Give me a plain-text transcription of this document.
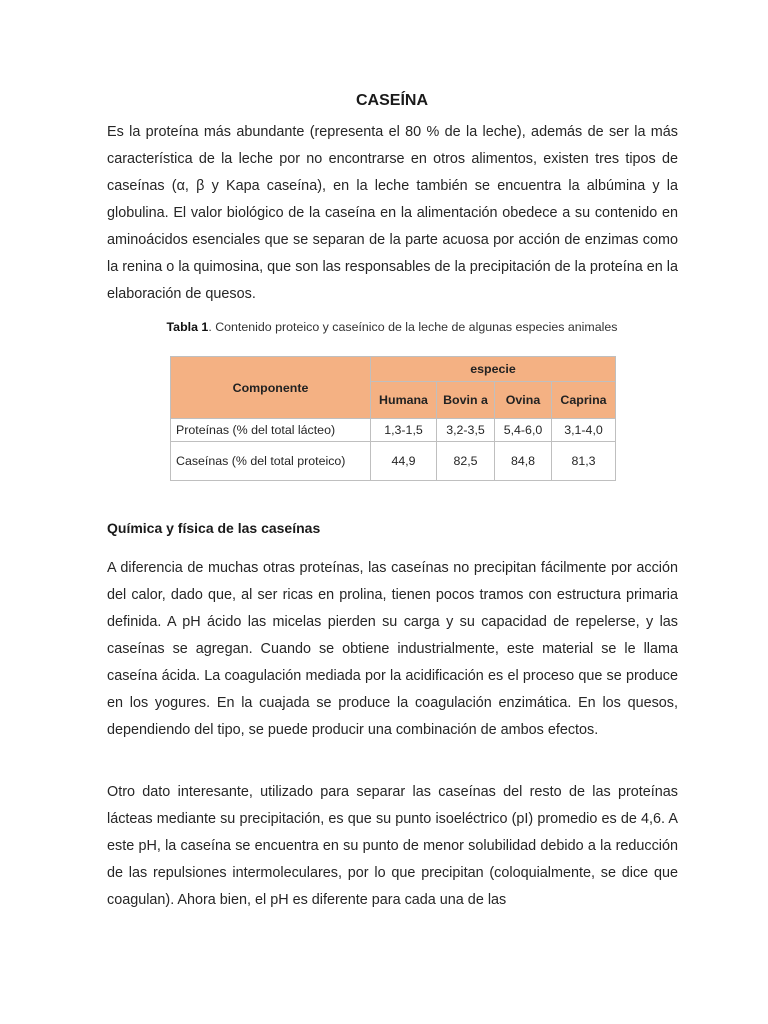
CASEÍNA
Es la proteína más abundante (representa el 80 % de la leche), además de ser la más característica de la leche por no encontrarse en otros alimentos, existen tres tipos de caseínas (α, β y Kapa caseína), en la leche también se encuentra la albúmina y la globulina. El valor biológico de la caseína en la alimentación obedece a su contenido en aminoácidos esenciales que se separan de la parte acuosa por acción de enzimas como la renina o la quimosina, que son las responsables de la precipitación de la proteína en la elaboración de quesos.
Tabla 1. Contenido proteico y caseínico de la leche de algunas especies animales
Componente	especie			
	Humana	Bovin a	Ovina	Caprina
Proteínas (% del total lácteo)	1,3-1,5	3,2-3,5	5,4-6,0	3,1-4,0
Caseínas (% del total proteico)	44,9	82,5	84,8	81,3
Química y física de las caseínas
A diferencia de muchas otras proteínas, las caseínas no precipitan fácilmente por acción del calor, dado que, al ser ricas en prolina, tienen pocos tramos con estructura primaria definida. A pH ácido las micelas pierden su carga y su capacidad de repelerse, y las caseínas se agregan. Cuando se obtiene industrialmente, este material se le llama caseína ácida. La coagulación mediada por la acidificación es el proceso que se produce en los yogures. En la cuajada se produce la coagulación enzimática. En los quesos, dependiendo del tipo, se puede producir una combinación de ambos efectos.
Otro dato interesante, utilizado para separar las caseínas del resto de las proteínas lácteas mediante su precipitación, es que su punto isoeléctrico (pI) promedio es de 4,6. A este pH, la caseína se encuentra en su punto de menor solubilidad debido a la reducción de las repulsiones intermoleculares, por lo que precipitan (coloquialmente, se dice que coagulan). Ahora bien, el pH es diferente para cada una de las
